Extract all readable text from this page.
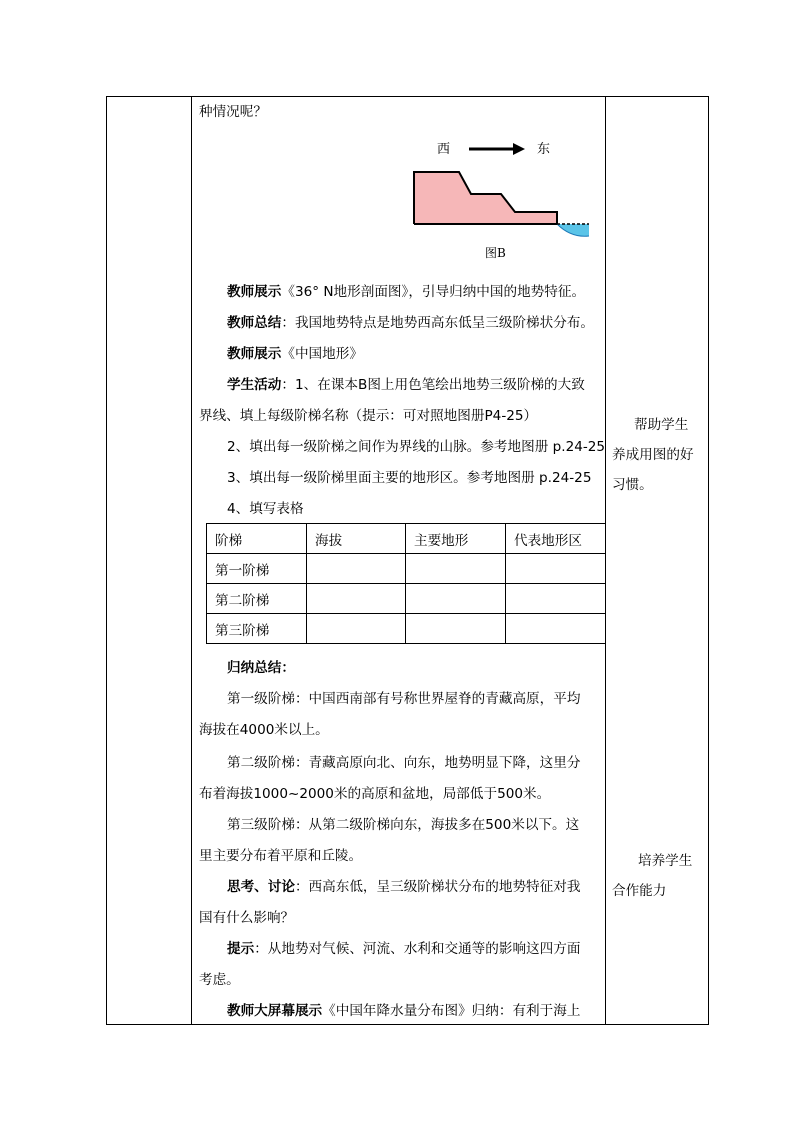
种情况呢？
教师展示《36° N地形剖面图》，引导归纳中国的地势特征。
教师总结：我国地势特点是地势西高东低呈三级阶梯状分布。
教师展示《中国地形》
学生活动：1、在课本B图上用色笔绘出地势三级阶梯的大致
界线、填上每级阶梯名称（提示：可对照地图册P4-25）
2、填出每一级阶梯之间作为界线的山脉。参考地图册 p.24-25
3、填出每一级阶梯里面主要的地形区。参考地图册 p.24-25
4、填写表格
归纳总结：
第一级阶梯：中国西南部有号称世界屋脊的青藏高原，平均
海拔在4000米以上。
第二级阶梯：青藏高原向北、向东，地势明显下降，这里分
布着海拔1000~2000米的高原和盆地，局部低于500米。
第三级阶梯：从第二级阶梯向东，海拔多在500米以下。这
里主要分布着平原和丘陵。
思考、讨论：西高东低，呈三级阶梯状分布的地势特征对我
国有什么影响？
提示：从地势对气候、河流、水利和交通等的影响这四方面
考虑。
教师大屏幕展示《中国年降水量分布图》归纳：有利于海上
西	东
图B
阶梯	海拔	主要地形	代表地形区
第一阶梯			
第二阶梯			
第三阶梯			
帮助学生
养成用图的好
习惯。
培养学生
合作能力
